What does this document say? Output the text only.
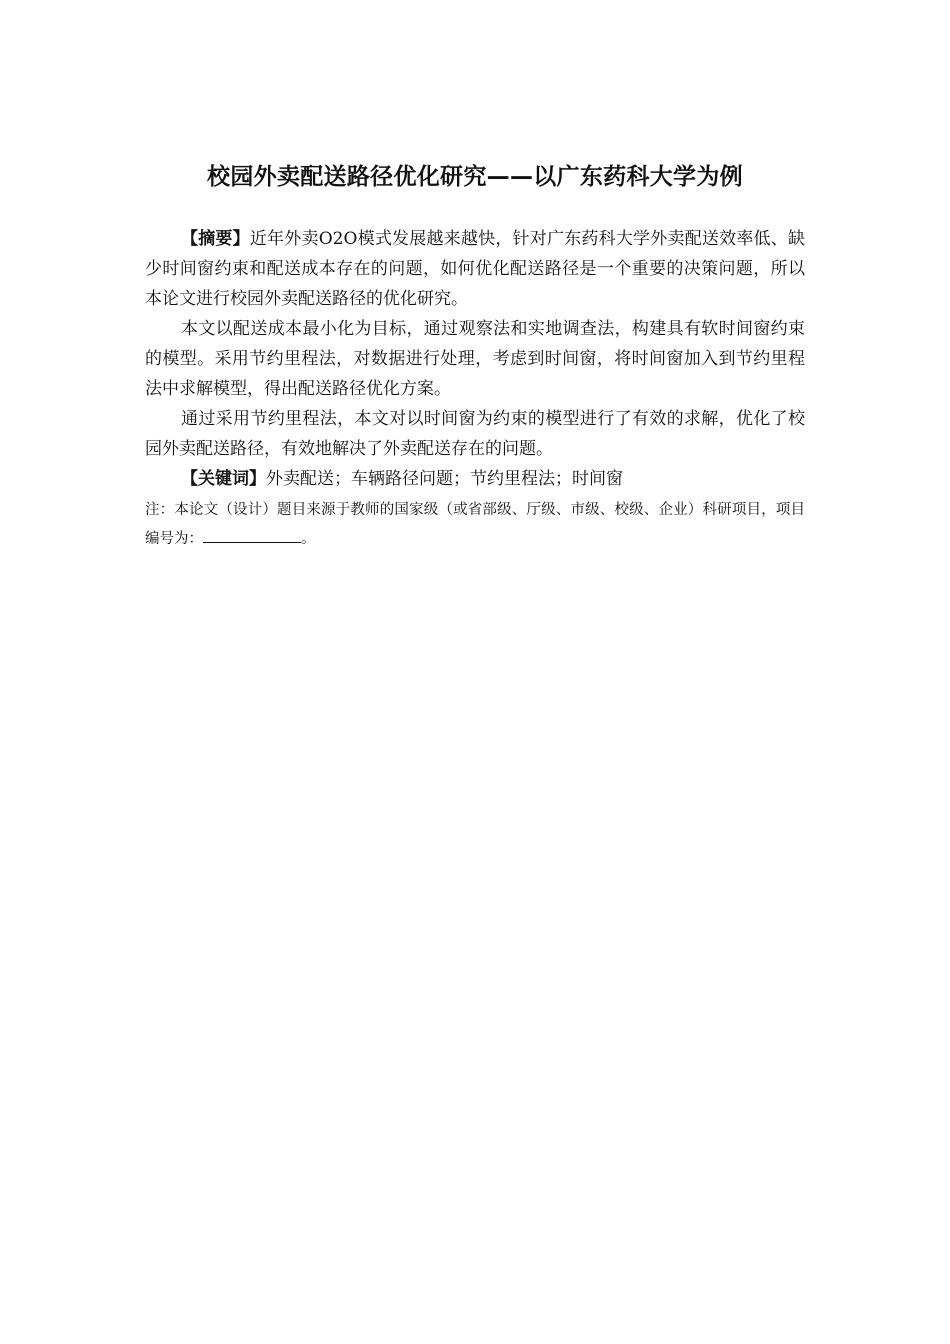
校园外卖配送路径优化研究——以广东药科大学为例

【摘要】近年外卖O2O模式发展越来越快，针对广东药科大学外卖配送效率低、缺少时间窗约束和配送成本存在的问题，如何优化配送路径是一个重要的决策问题，所以本论文进行校园外卖配送路径的优化研究。

本文以配送成本最小化为目标，通过观察法和实地调查法，构建具有软时间窗约束的模型。采用节约里程法，对数据进行处理，考虑到时间窗，将时间窗加入到节约里程法中求解模型，得出配送路径优化方案。

通过采用节约里程法，本文对以时间窗为约束的模型进行了有效的求解，优化了校园外卖配送路径，有效地解决了外卖配送存在的问题。

【关键词】外卖配送；车辆路径问题；节约里程法；时间窗

注：本论文（设计）题目来源于教师的国家级（或省部级、厅级、市级、校级、企业）科研项目，项目编号为：	。
